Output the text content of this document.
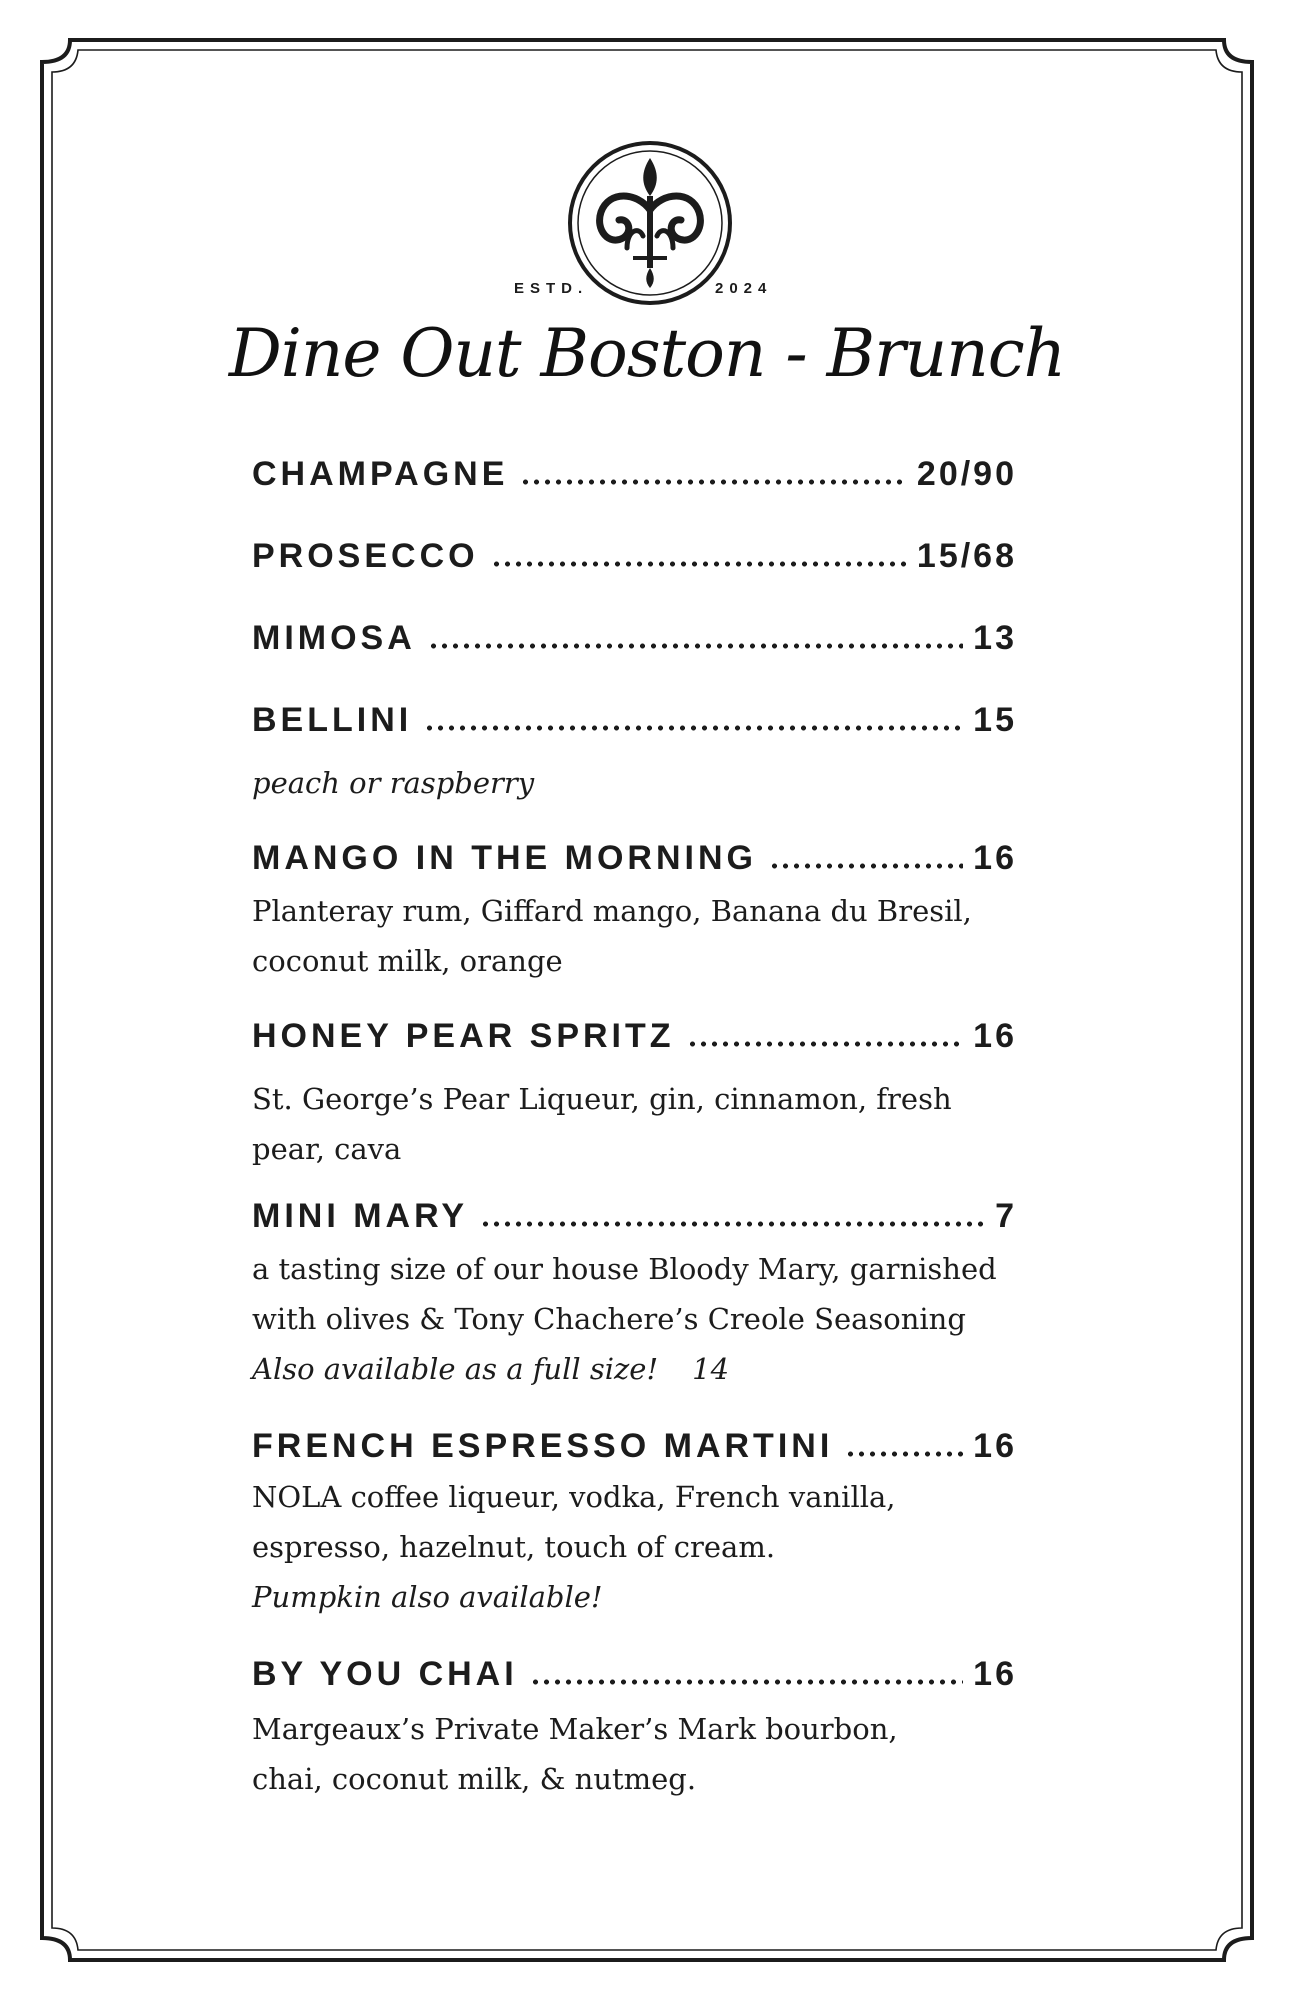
ESTD.	2024
Dine Out Boston - Brunch
CHAMPAGNE	20/90
PROSECCO	15/68
MIMOSA	13
BELLINI	15
peach or raspberry
MANGO IN THE MORNING	16
Planteray rum, Giffard mango, Banana du Bresil,
coconut milk, orange
HONEY PEAR SPRITZ	16
St. George’s Pear Liqueur, gin, cinnamon, fresh
pear, cava
MINI MARY	7
a tasting size of our house Bloody Mary, garnished
with olives & Tony Chachere’s Creole Seasoning
Also available as a full size! 14
FRENCH ESPRESSO MARTINI	16
NOLA coffee liqueur, vodka, French vanilla,
espresso, hazelnut, touch of cream.
Pumpkin also available!
BY YOU CHAI	16
Margeaux’s Private Maker’s Mark bourbon,
chai, coconut milk, & nutmeg.
